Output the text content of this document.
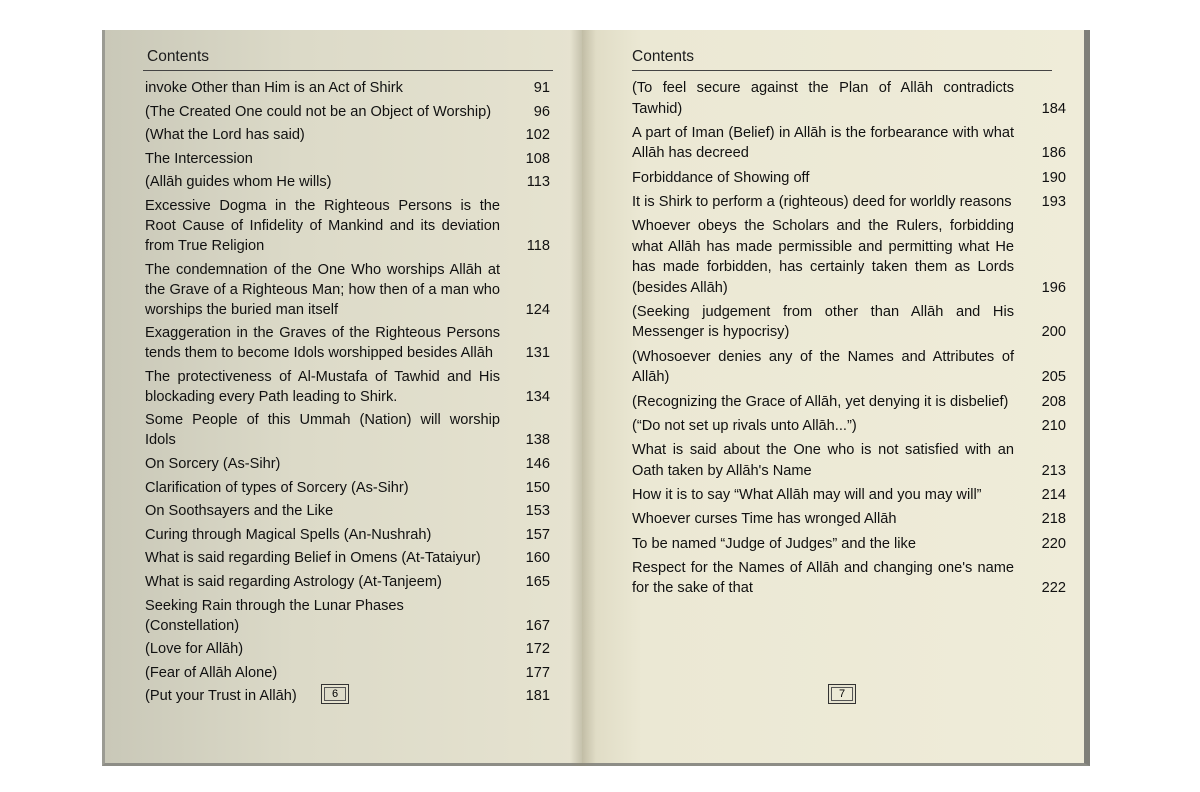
Contents
invoke Other than Him is an Act of Shirk	91
(The Created One could not be an Object of Worship)	96
(What the Lord has said)	102
The Intercession	108
(Allāh guides whom He wills)	113
Excessive Dogma in the Righteous Persons is the Root Cause of Infidelity of Mankind and its deviation from True Religion	118
The condemnation of the One Who worships Allāh at the Grave of a Righteous Man; how then of a man who worships the buried man itself	124
Exaggeration in the Graves of the Righteous Persons tends them to become Idols worshipped besides Allāh	131
The protectiveness of Al-Mustafa of Tawhid and His blockading every Path leading to Shirk.	134
Some People of this Ummah (Nation) will worship Idols	138
On Sorcery (As-Sihr)	146
Clarification of types of Sorcery (As-Sihr)	150
On Soothsayers and the Like	153
Curing through Magical Spells (An-Nushrah)	157
What is said regarding Belief in Omens (At-Tataiyur)	160
What is said regarding Astrology (At-Tanjeem)	165
Seeking Rain through the Lunar Phases (Constellation)	167
(Love for Allāh)	172
(Fear of Allāh Alone)	177
(Put your Trust in Allāh)	181
6
Contents
(To feel secure against the Plan of Allāh contradicts Tawhid)	184
A part of Iman (Belief) in Allāh is the forbearance with what Allāh has decreed	186
Forbiddance of Showing off	190
It is Shirk to perform a (righteous) deed for worldly reasons 193
Whoever obeys the Scholars and the Rulers, forbidding what Allāh has made permissible and permitting what He has made forbidden, has certainly taken them as Lords (besides Allāh)	196
(Seeking judgement from other than Allāh and His Messenger is hypocrisy)	200
(Whosoever denies any of the Names and Attributes of Allāh)	205
(Recognizing the Grace of Allāh, yet denying it is disbelief)	208
(“Do not set up rivals unto Allāh...”)	210
What is said about the One who is not satisfied with an Oath taken by Allāh's Name	213
How it is to say “What Allāh may will and you may will”	214
Whoever curses Time has wronged Allāh	218
To be named “Judge of Judges” and the like	220
Respect for the Names of Allāh and changing one's name for the sake of that	222
7
